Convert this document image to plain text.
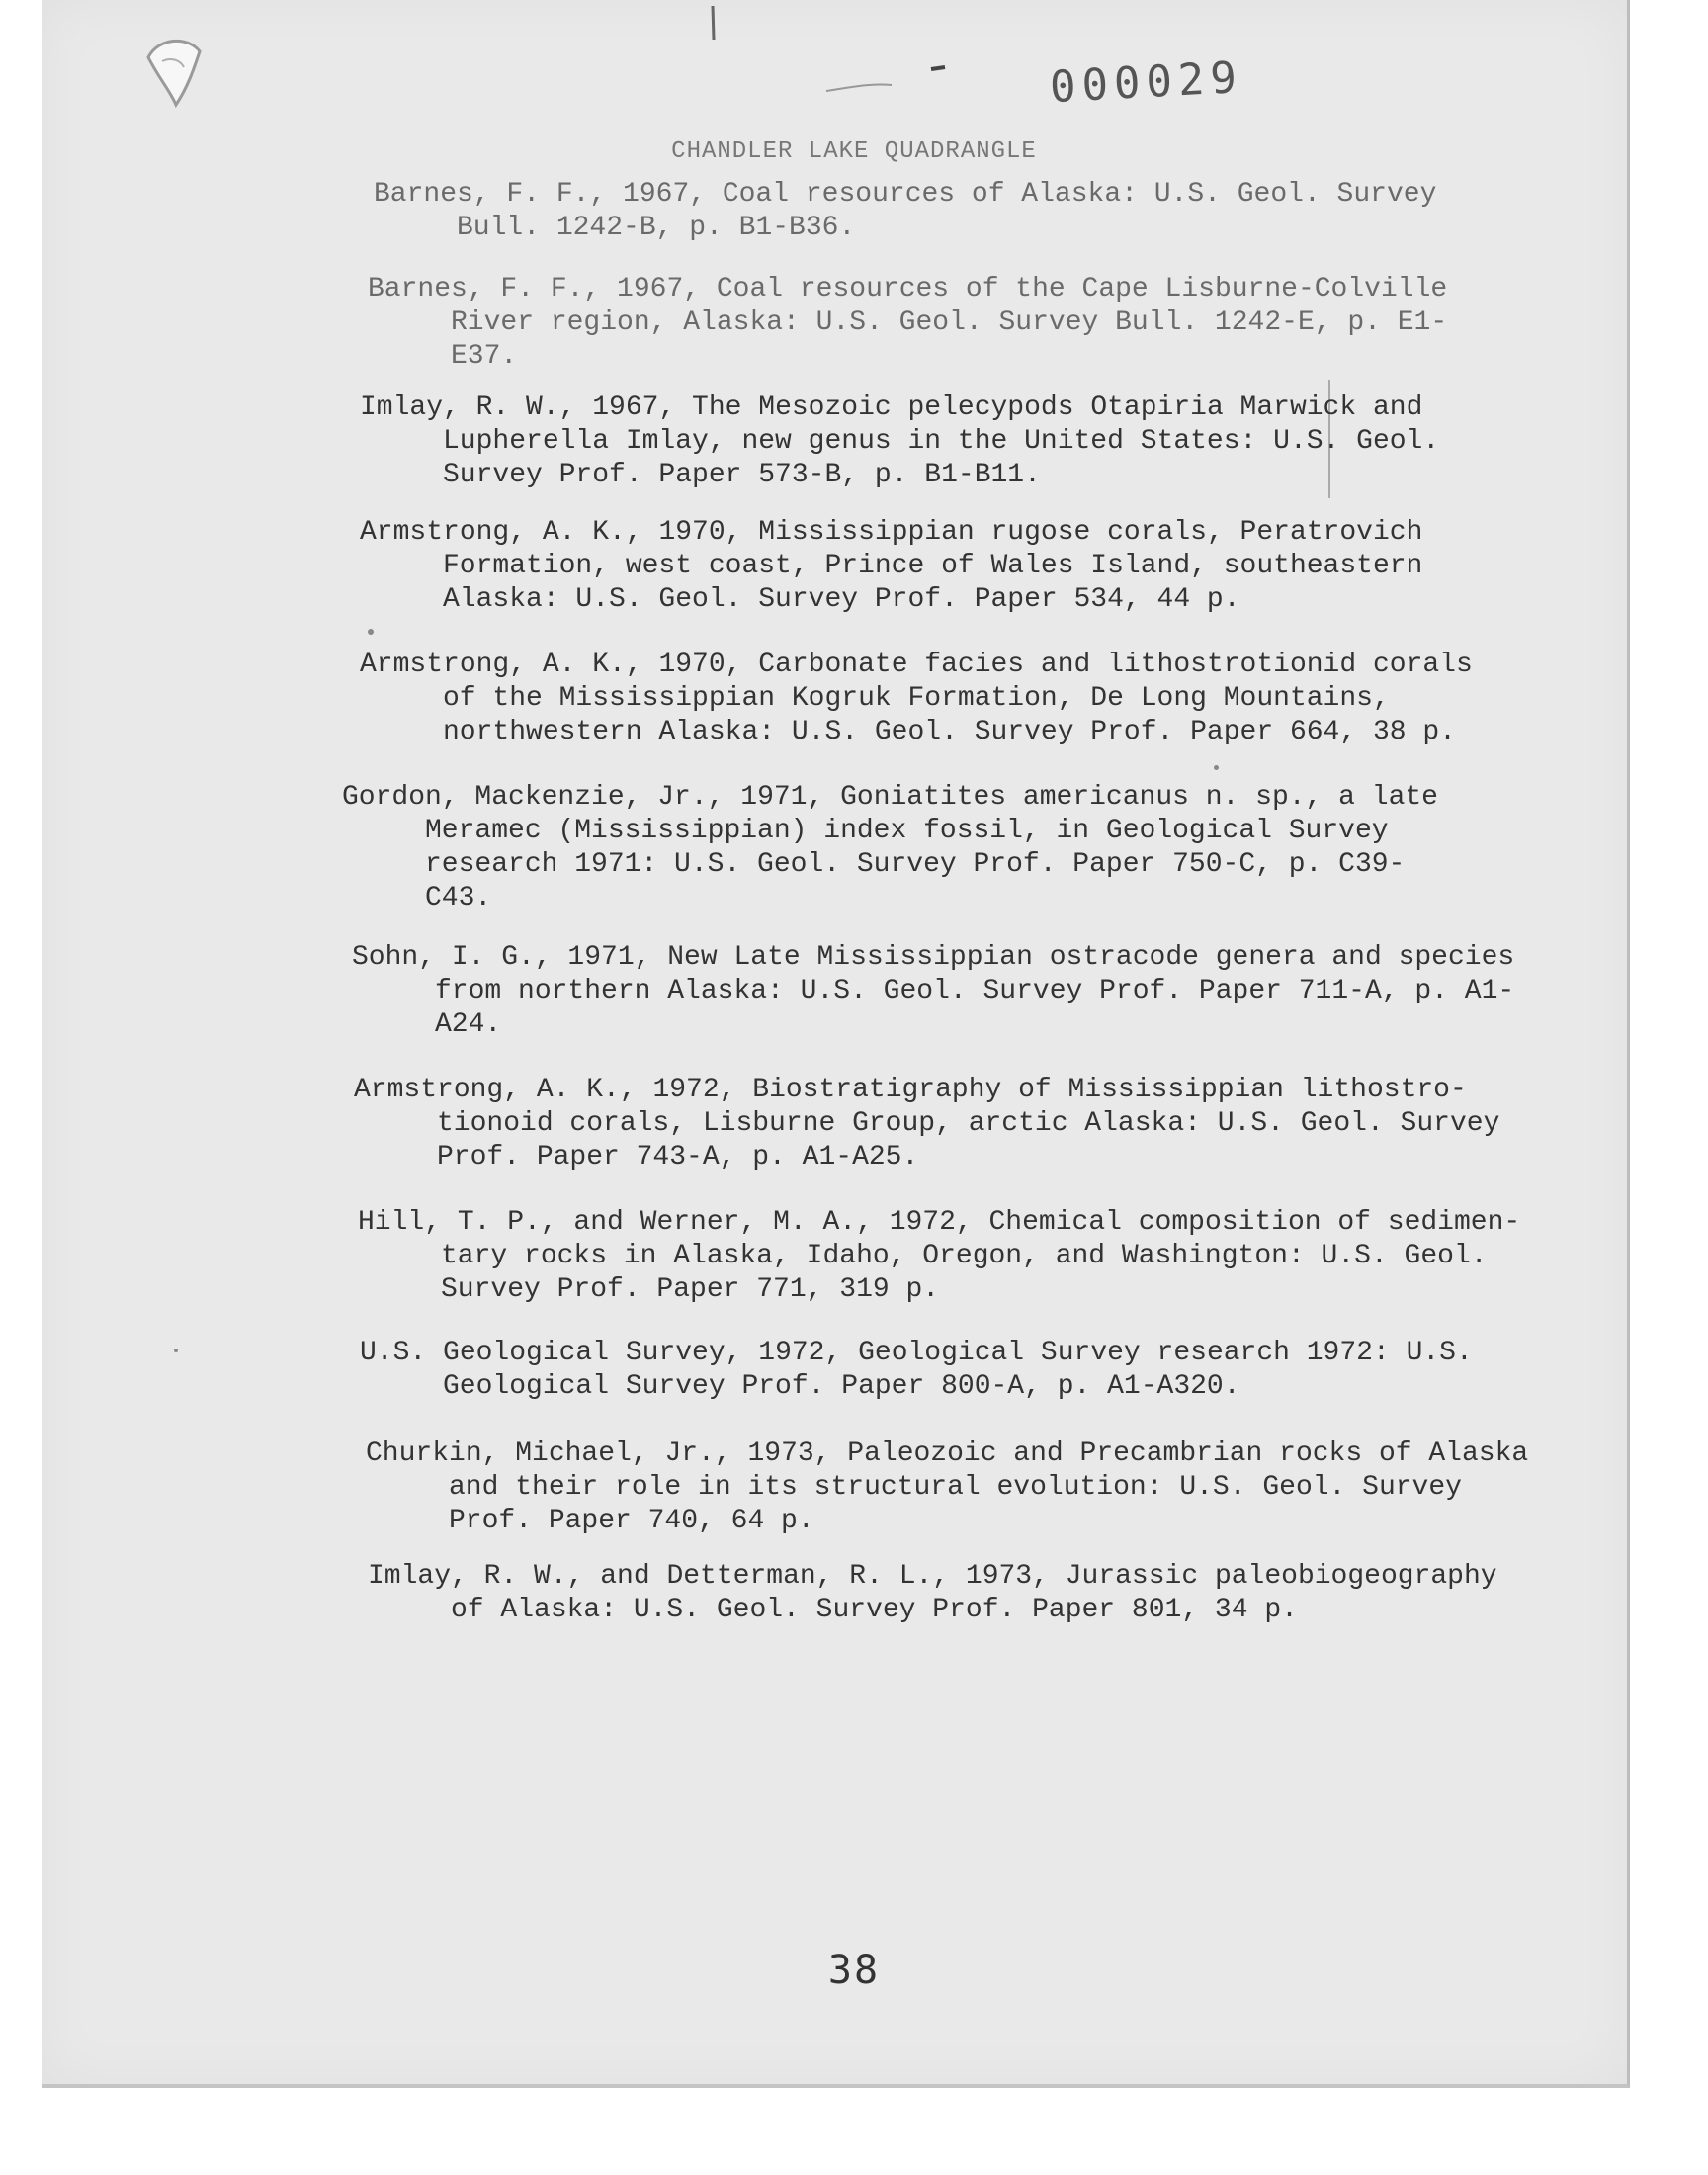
000029
CHANDLER LAKE QUADRANGLE
Barnes, F. F., 1967, Coal resources of Alaska: U.S. Geol. Survey
Bull. 1242-B, p. B1-B36.
Barnes, F. F., 1967, Coal resources of the Cape Lisburne-Colville
River region, Alaska: U.S. Geol. Survey Bull. 1242-E, p. E1-
E37.
Imlay, R. W., 1967, The Mesozoic pelecypods Otapiria Marwick and
Lupherella Imlay, new genus in the United States: U.S. Geol.
Survey Prof. Paper 573-B, p. B1-B11.
Armstrong, A. K., 1970, Mississippian rugose corals, Peratrovich
Formation, west coast, Prince of Wales Island, southeastern
Alaska: U.S. Geol. Survey Prof. Paper 534, 44 p.
Armstrong, A. K., 1970, Carbonate facies and lithostrotionid corals
of the Mississippian Kogruk Formation, De Long Mountains,
northwestern Alaska: U.S. Geol. Survey Prof. Paper 664, 38 p.
Gordon, Mackenzie, Jr., 1971, Goniatites americanus n. sp., a late
Meramec (Mississippian) index fossil, in Geological Survey
research 1971: U.S. Geol. Survey Prof. Paper 750-C, p. C39-
C43.
Sohn, I. G., 1971, New Late Mississippian ostracode genera and species
from northern Alaska: U.S. Geol. Survey Prof. Paper 711-A, p. A1-
A24.
Armstrong, A. K., 1972, Biostratigraphy of Mississippian lithostro-
tionoid corals, Lisburne Group, arctic Alaska: U.S. Geol. Survey
Prof. Paper 743-A, p. A1-A25.
Hill, T. P., and Werner, M. A., 1972, Chemical composition of sedimen-
tary rocks in Alaska, Idaho, Oregon, and Washington: U.S. Geol.
Survey Prof. Paper 771, 319 p.
U.S. Geological Survey, 1972, Geological Survey research 1972: U.S.
Geological Survey Prof. Paper 800-A, p. A1-A320.
Churkin, Michael, Jr., 1973, Paleozoic and Precambrian rocks of Alaska
and their role in its structural evolution: U.S. Geol. Survey
Prof. Paper 740, 64 p.
Imlay, R. W., and Detterman, R. L., 1973, Jurassic paleobiogeography
of Alaska: U.S. Geol. Survey Prof. Paper 801, 34 p.
38
